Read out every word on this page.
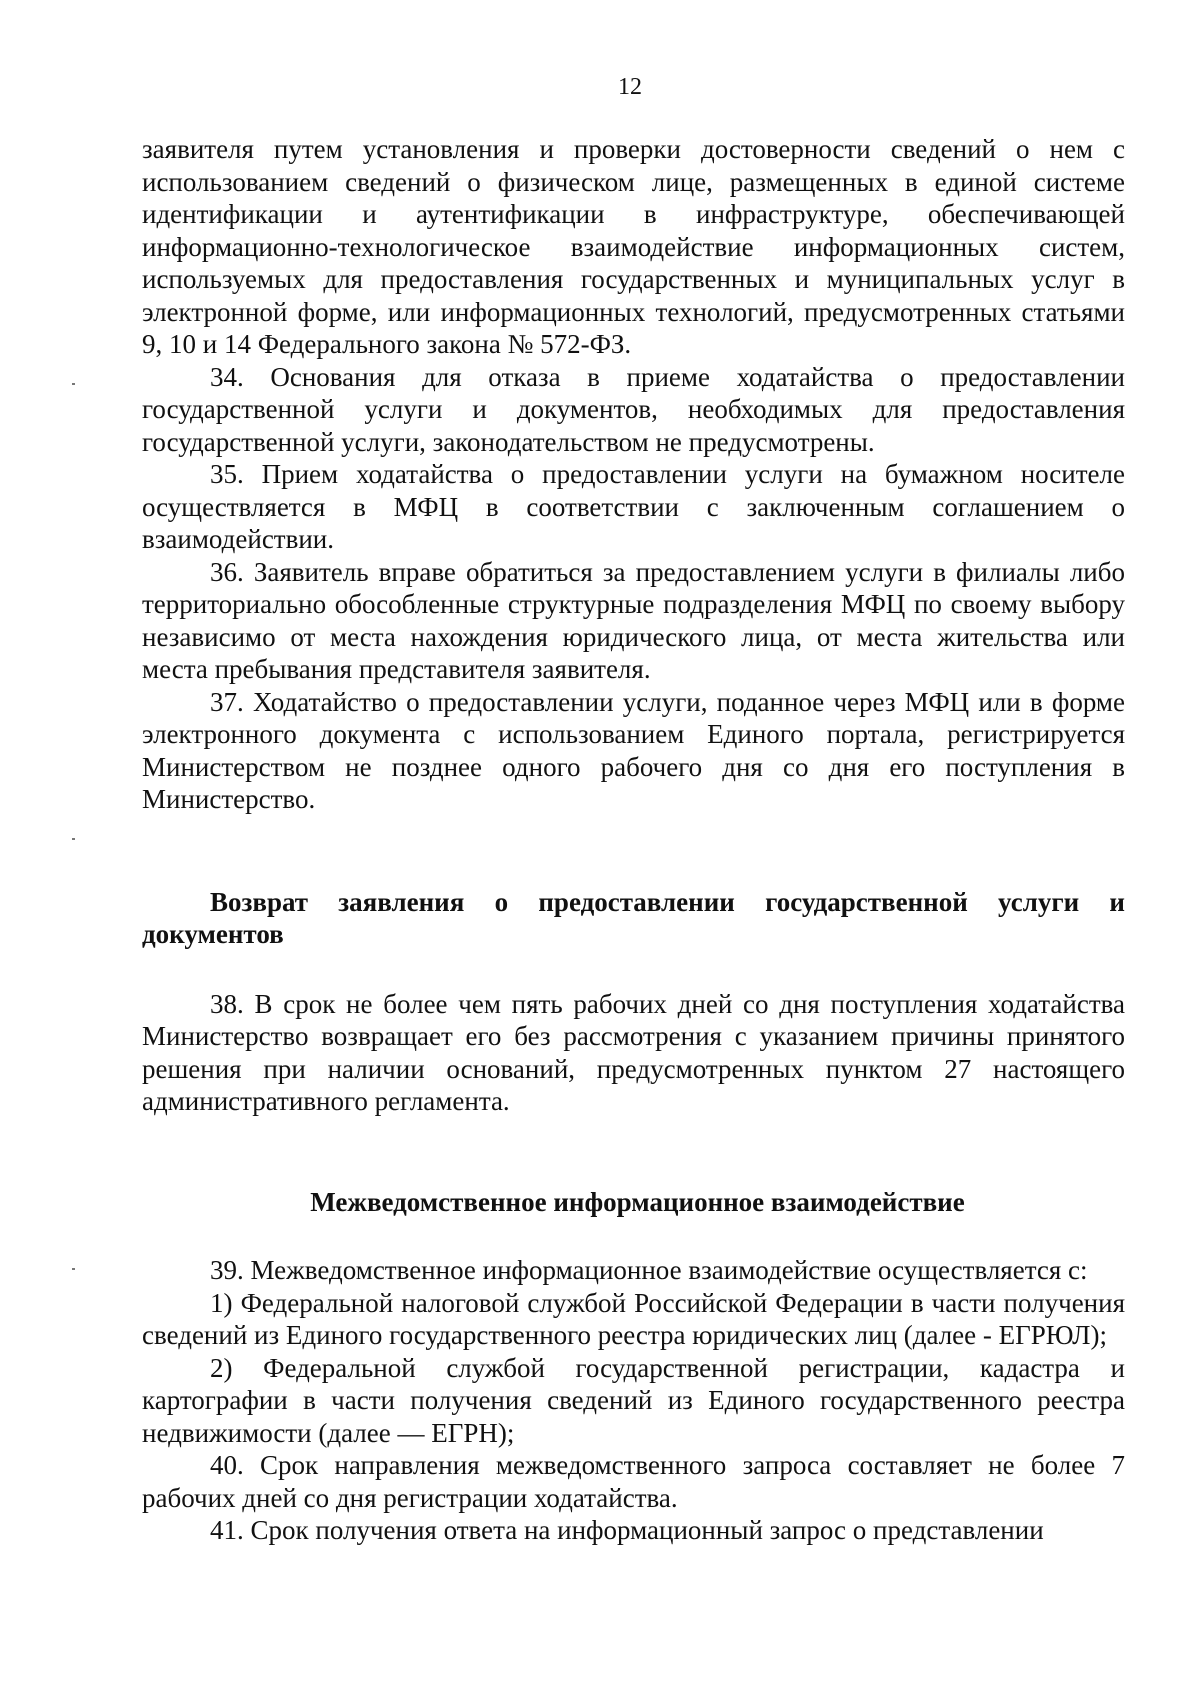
12

заявителя путем установления и проверки достоверности сведений о нем с использованием сведений о физическом лице, размещенных в единой системе идентификации и аутентификации в инфраструктуре, обеспечивающей информационно-технологическое взаимодействие информационных систем, используемых для предоставления государственных и муниципальных услуг в электронной форме, или информационных технологий, предусмотренных статьями 9, 10 и 14 Федерального закона № 572-ФЗ.

34. Основания для отказа в приеме ходатайства о предоставлении государственной услуги и документов, необходимых для предоставления государственной услуги, законодательством не предусмотрены.

35. Прием ходатайства о предоставлении услуги на бумажном носителе осуществляется в МФЦ в соответствии с заключенным соглашением о взаимодействии.

36. Заявитель вправе обратиться за предоставлением услуги в филиалы либо территориально обособленные структурные подразделения МФЦ по своему выбору независимо от места нахождения юридического лица, от места жительства или места пребывания представителя заявителя.

37. Ходатайство о предоставлении услуги, поданное через МФЦ или в форме электронного документа с использованием Единого портала, регистрируется Министерством не позднее одного рабочего дня со дня его поступления в Министерство.

Возврат заявления о предоставлении государственной услуги и документов

38. В срок не более чем пять рабочих дней со дня поступления ходатайства Министерство возвращает его без рассмотрения с указанием причины принятого решения при наличии оснований, предусмотренных пунктом 27 настоящего административного регламента.

Межведомственное информационное взаимодействие

39. Межведомственное информационное взаимодействие осуществляется с:

1) Федеральной налоговой службой Российской Федерации в части получения сведений из Единого государственного реестра юридических лиц (далее - ЕГРЮЛ);

2) Федеральной службой государственной регистрации, кадастра и картографии в части получения сведений из Единого государственного реестра недвижимости (далее — ЕГРН);

40. Срок направления межведомственного запроса составляет не более 7 рабочих дней со дня регистрации ходатайства.

41. Срок получения ответа на информационный запрос о представлении
